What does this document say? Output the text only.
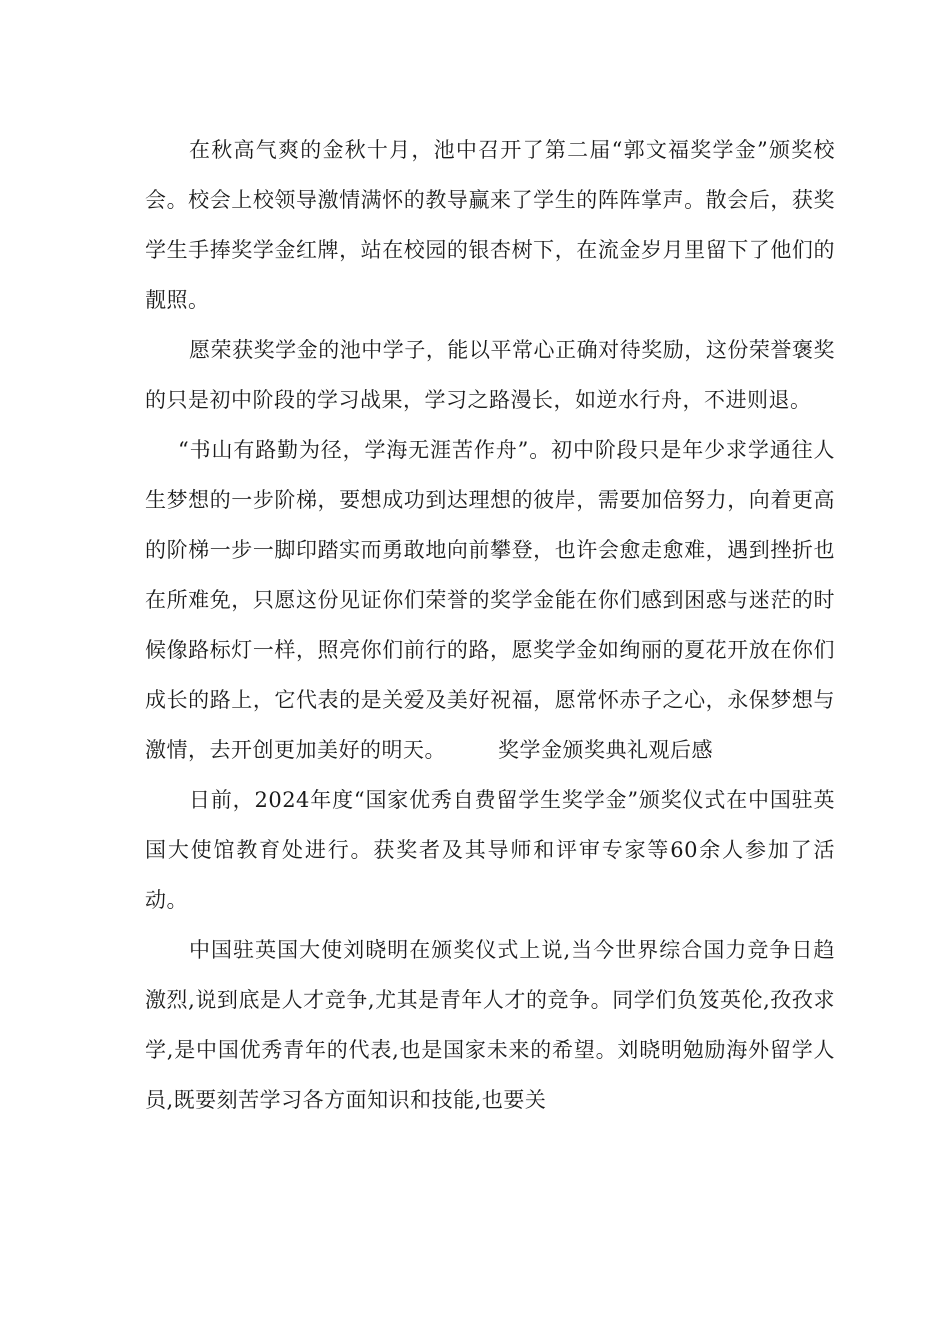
在秋高气爽的金秋十月，池中召开了第二届“郭文福奖学金”颁奖校会。校会上校领导激情满怀的教导赢来了学生的阵阵掌声。散会后，获奖学生手捧奖学金红牌，站在校园的银杏树下，在流金岁月里留下了他们的靓照。

愿荣获奖学金的池中学子，能以平常心正确对待奖励，这份荣誉褒奖的只是初中阶段的学习战果，学习之路漫长，如逆水行舟，不进则退。

“书山有路勤为径，学海无涯苦作舟”。初中阶段只是年少求学通往人生梦想的一步阶梯，要想成功到达理想的彼岸，需要加倍努力，向着更高的阶梯一步一脚印踏实而勇敢地向前攀登，也许会愈走愈难，遇到挫折也在所难免，只愿这份见证你们荣誉的奖学金能在你们感到困惑与迷茫的时候像路标灯一样，照亮你们前行的路，愿奖学金如绚丽的夏花开放在你们成长的路上，它代表的是关爱及美好祝福，愿常怀赤子之心，永保梦想与激情，去开创更加美好的明天。 奖学金颁奖典礼观后感

日前，2024年度“国家优秀自费留学生奖学金”颁奖仪式在中国驻英国大使馆教育处进行。获奖者及其导师和评审专家等60余人参加了活动。

中国驻英国大使刘晓明在颁奖仪式上说,当今世界综合国力竞争日趋激烈,说到底是人才竞争,尤其是青年人才的竞争。同学们负笈英伦,孜孜求学,是中国优秀青年的代表,也是国家未来的希望。刘晓明勉励海外留学人员,既要刻苦学习各方面知识和技能,也要关
